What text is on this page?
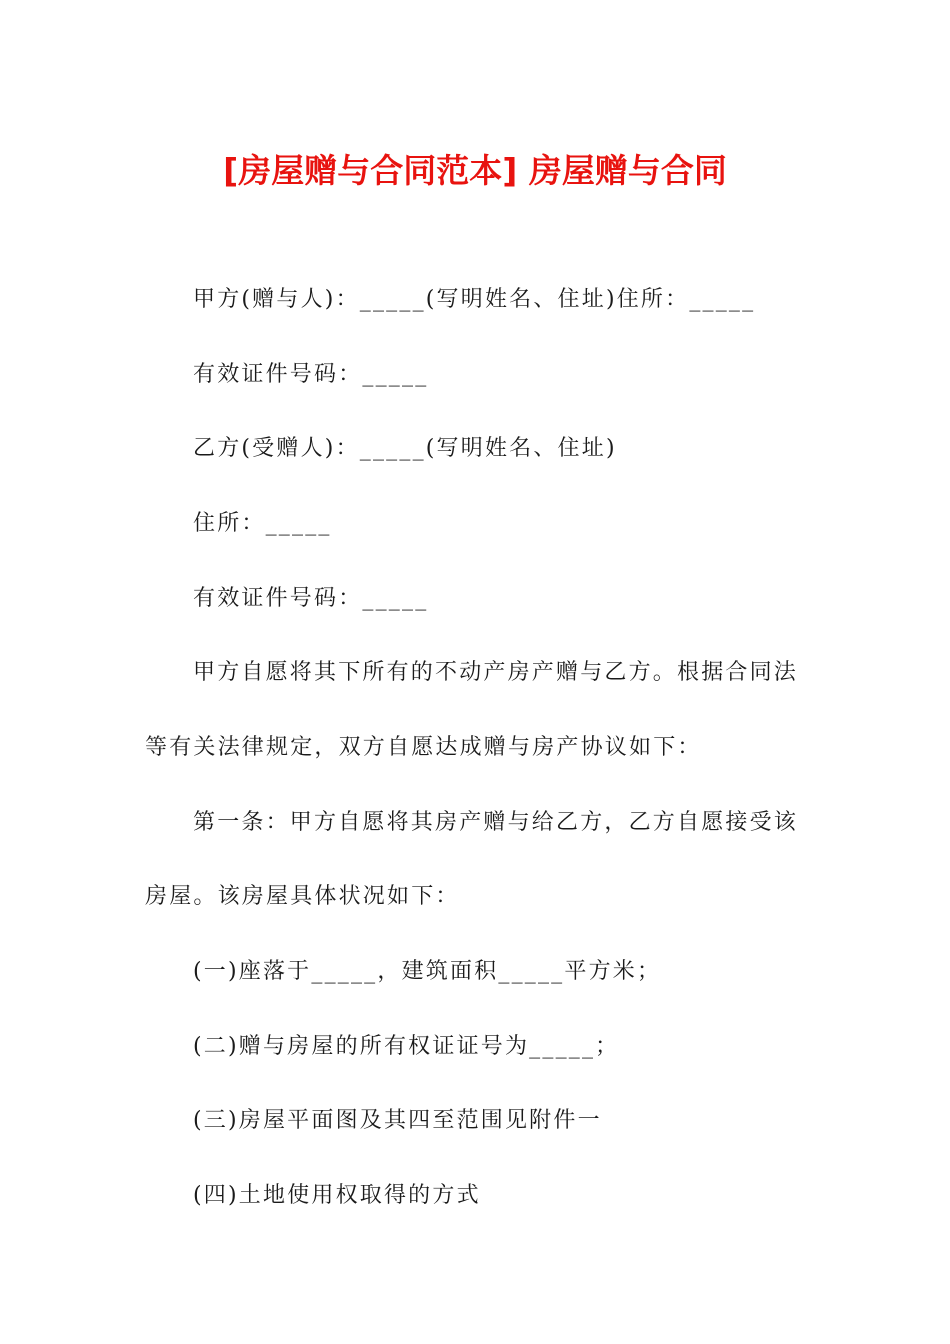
[房屋赠与合同范本] 房屋赠与合同
甲方(赠与人)：_____(写明姓名、住址)住所：_____
有效证件号码：_____
乙方(受赠人)：_____(写明姓名、住址)
住所：_____
有效证件号码：_____
甲方自愿将其下所有的不动产房产赠与乙方。根据合同法
等有关法律规定，双方自愿达成赠与房产协议如下：
第一条：甲方自愿将其房产赠与给乙方，乙方自愿接受该
房屋。该房屋具体状况如下：
(一)座落于_____，建筑面积_____平方米；
(二)赠与房屋的所有权证证号为_____；
(三)房屋平面图及其四至范围见附件一
(四)土地使用权取得的方式
